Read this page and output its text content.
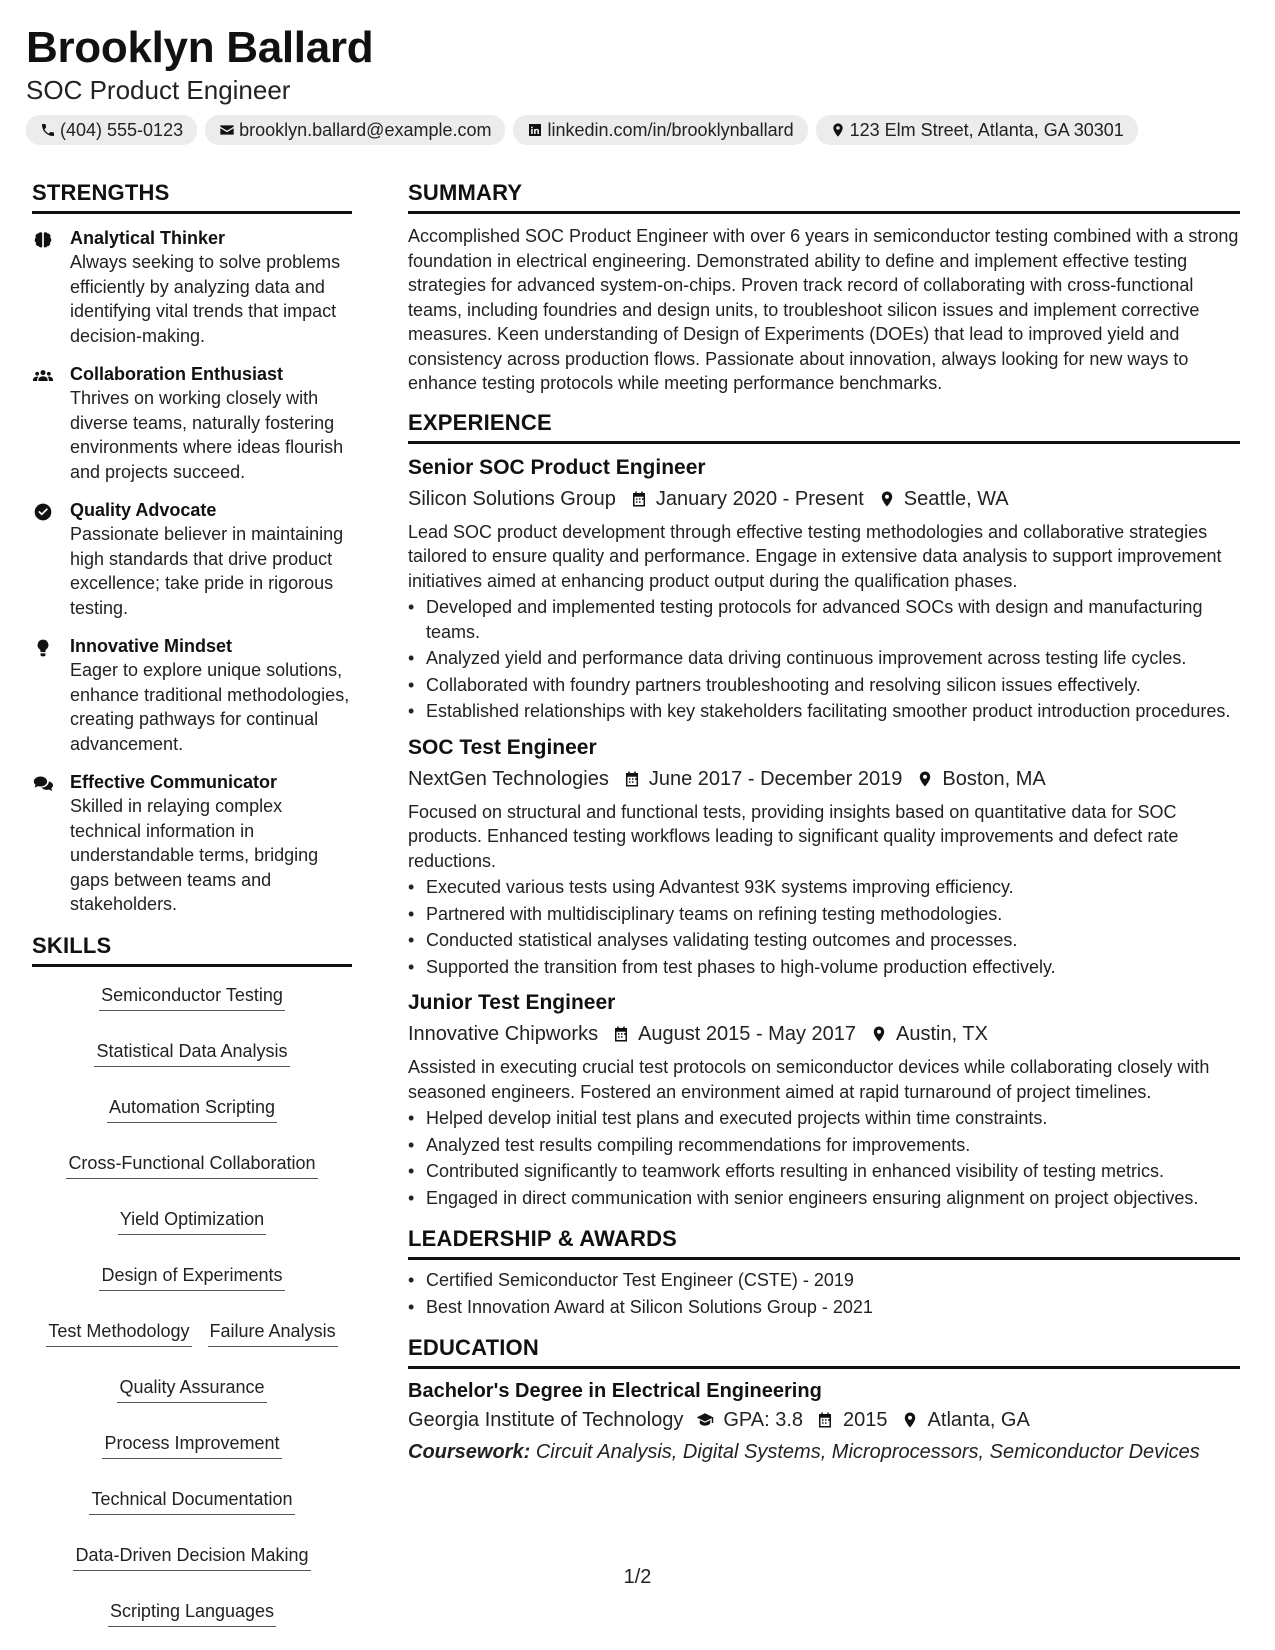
Brooklyn Ballard
SOC Product Engineer
(404) 555-0123	brooklyn.ballard@example.com	linkedin.com/in/brooklynballard	123 Elm Street, Atlanta, GA 30301
STRENGTHS
Analytical Thinker
Always seeking to solve problems efficiently by analyzing data and identifying vital trends that impact decision-making.
Collaboration Enthusiast
Thrives on working closely with diverse teams, naturally fostering environments where ideas flourish and projects succeed.
Quality Advocate
Passionate believer in maintaining high standards that drive product excellence; take pride in rigorous testing.
Innovative Mindset
Eager to explore unique solutions, enhance traditional methodologies, creating pathways for continual advancement.
Effective Communicator
Skilled in relaying complex technical information in understandable terms, bridging gaps between teams and stakeholders.
SKILLS
Semiconductor Testing
Statistical Data Analysis
Automation Scripting
Cross-Functional Collaboration
Yield Optimization
Design of Experiments
Test Methodology Failure Analysis
Quality Assurance
Process Improvement
Technical Documentation
Data-Driven Decision Making
Scripting Languages
SUMMARY
Accomplished SOC Product Engineer with over 6 years in semiconductor testing combined with a strong foundation in electrical engineering. Demonstrated ability to define and implement effective testing strategies for advanced system-on-chips. Proven track record of collaborating with cross-functional teams, including foundries and design units, to troubleshoot silicon issues and implement corrective measures. Keen understanding of Design of Experiments (DOEs) that lead to improved yield and consistency across production flows. Passionate about innovation, always looking for new ways to enhance testing protocols while meeting performance benchmarks.
EXPERIENCE
Senior SOC Product Engineer
Silicon Solutions Group January 2020 - Present Seattle, WA
Lead SOC product development through effective testing methodologies and collaborative strategies tailored to ensure quality and performance. Engage in extensive data analysis to support improvement initiatives aimed at enhancing product output during the qualification phases.
• Developed and implemented testing protocols for advanced SOCs with design and manufacturing teams.
• Analyzed yield and performance data driving continuous improvement across testing life cycles.
• Collaborated with foundry partners troubleshooting and resolving silicon issues effectively.
• Established relationships with key stakeholders facilitating smoother product introduction procedures.
SOC Test Engineer
NextGen Technologies June 2017 - December 2019 Boston, MA
Focused on structural and functional tests, providing insights based on quantitative data for SOC products. Enhanced testing workflows leading to significant quality improvements and defect rate reductions.
• Executed various tests using Advantest 93K systems improving efficiency.
• Partnered with multidisciplinary teams on refining testing methodologies.
• Conducted statistical analyses validating testing outcomes and processes.
• Supported the transition from test phases to high-volume production effectively.
Junior Test Engineer
Innovative Chipworks August 2015 - May 2017 Austin, TX
Assisted in executing crucial test protocols on semiconductor devices while collaborating closely with seasoned engineers. Fostered an environment aimed at rapid turnaround of project timelines.
• Helped develop initial test plans and executed projects within time constraints.
• Analyzed test results compiling recommendations for improvements.
• Contributed significantly to teamwork efforts resulting in enhanced visibility of testing metrics.
• Engaged in direct communication with senior engineers ensuring alignment on project objectives.
LEADERSHIP & AWARDS
• Certified Semiconductor Test Engineer (CSTE) - 2019
• Best Innovation Award at Silicon Solutions Group - 2021
EDUCATION
Bachelor's Degree in Electrical Engineering
Georgia Institute of Technology GPA: 3.8 2015 Atlanta, GA
Coursework: Circuit Analysis, Digital Systems, Microprocessors, Semiconductor Devices
1/2
